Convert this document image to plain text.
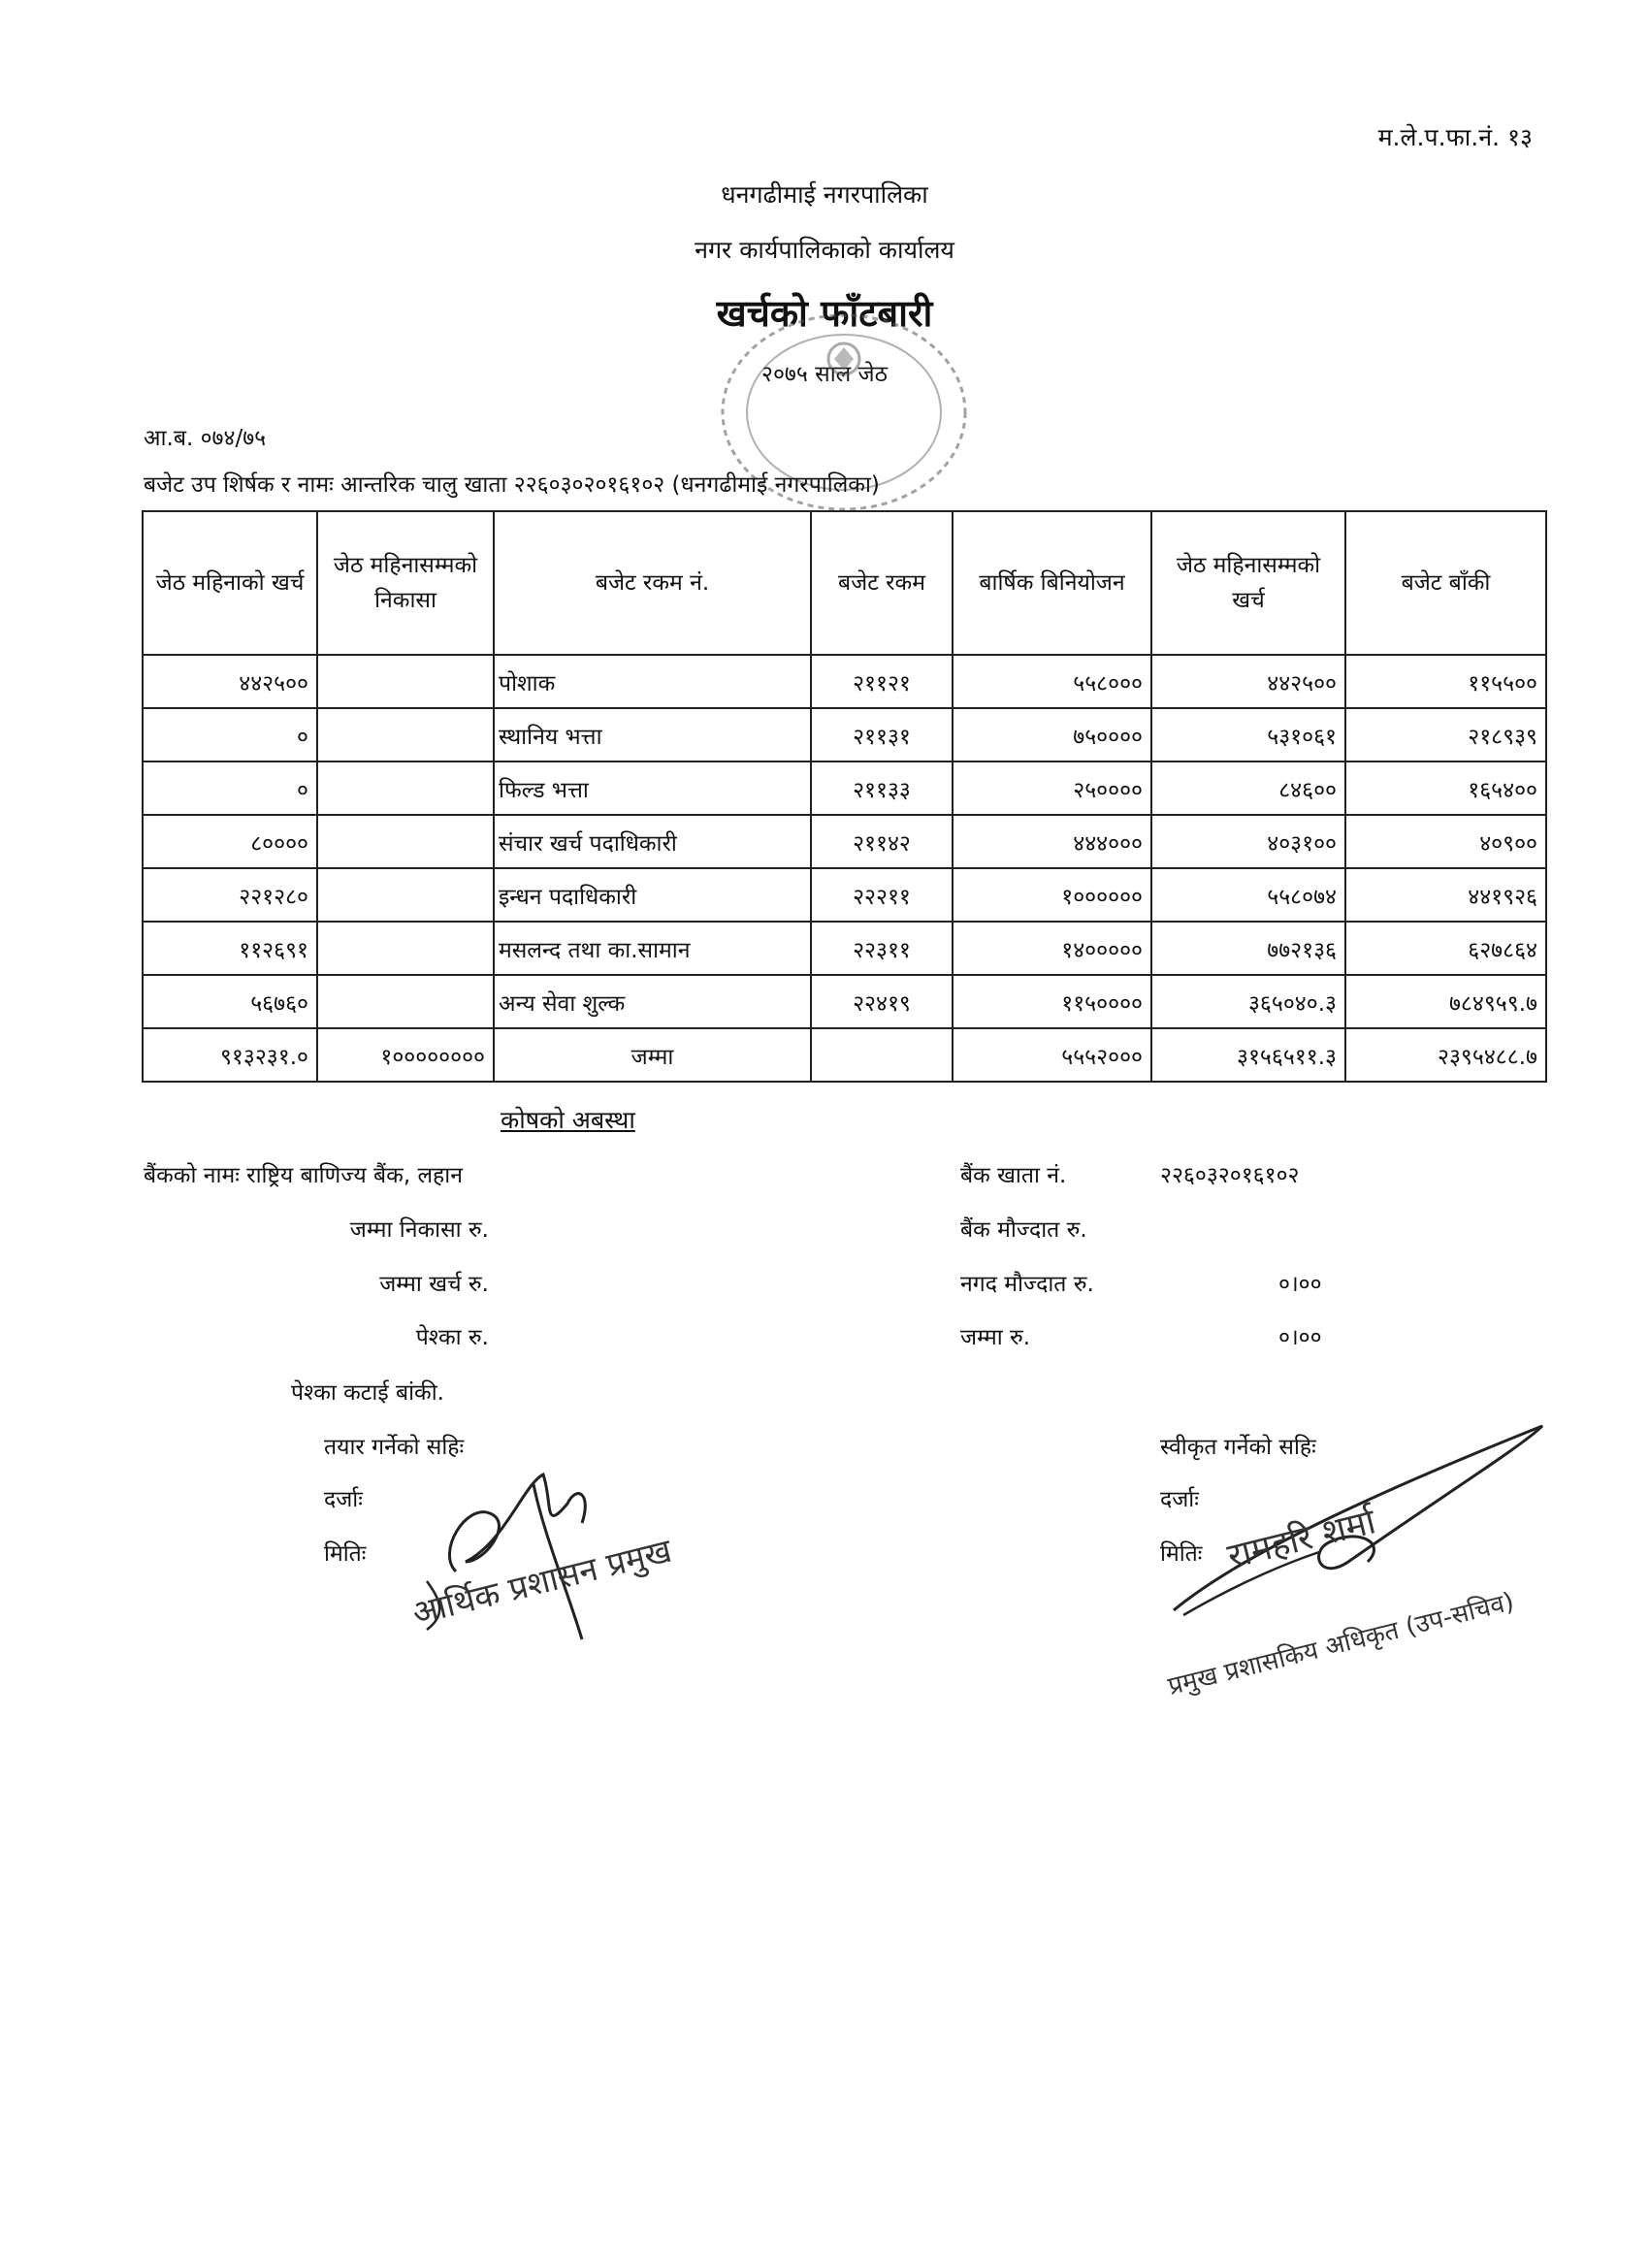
म.ले.प.फा.नं. १३
धनगढीमाई नगरपालिका
नगर कार्यपालिकाको कार्यालय
खर्चको फाँटबारी
२०७५ साल जेठ
आ.ब. ०७४/७५
बजेट उप शिर्षक र नामः आन्तरिक चालु खाता २२६०३०२०१६१०२ (धनगढीमाई नगरपालिका)
जेठ महिनाको खर्च	जेठ महिनासम्मको निकासा	बजेट रकम नं.	बजेट रकम	बार्षिक बिनियोजन	जेठ महिनासम्मको खर्च	बजेट बाँकी
४४२५००		पोशाक	२११२१	५५८०००	४४२५००	११५५००
०		स्थानिय भत्ता	२११३१	७५००००	५३१०६१	२१८९३९
०		फिल्ड भत्ता	२११३३	२५००००	८४६००	१६५४००
८००००		संचार खर्च पदाधिकारी	२११४२	४४४०००	४०३१००	४०९००
२२१२८०		इन्धन पदाधिकारी	२२२११	१००००००	५५८०७४	४४१९२६
११२६९१		मसलन्द तथा का.सामान	२२३११	१४०००००	७७२१३६	६२७८६४
५६७६०		अन्य सेवा शुल्क	२२४१९	११५००००	३६५०४०.३	७८४९५९.७
९१३२३१.०	१००००००००	जम्मा		५५५२०००	३१५६५११.३	२३९५४८८.७
कोषको अबस्था
बैंकको नामः राष्ट्रिय बाणिज्य बैंक, लहान	बैंक खाता नं.	२२६०३२०१६१०२
जम्मा निकासा रु.	बैंक मौज्दात रु.
जम्मा खर्च रु.	नगद मौज्दात रु.	०।००
पेश्का रु.	जम्मा रु.	०।००
पेश्का कटाई बांकी.
तयार गर्नेको सहिः
दर्जाः
मितिः
स्वीकृत गर्नेको सहिः
दर्जाः
मितिः
आर्थिक प्रशासन प्रमुख	रामहरि शर्मा
प्रमुख प्रशासकिय अधिकृत (उप-सचिव)
